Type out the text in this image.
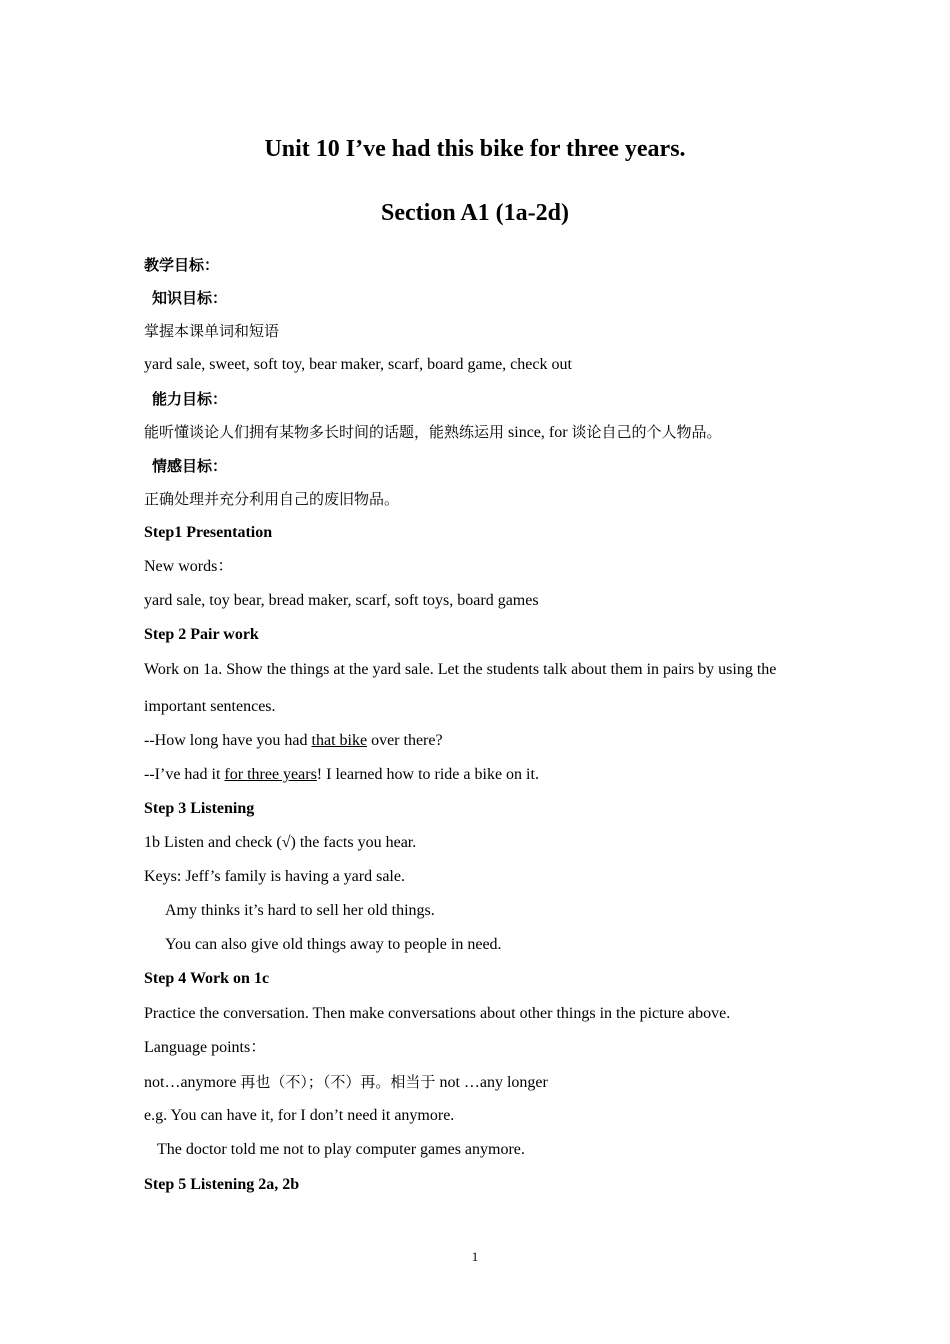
Unit 10 I’ve had this bike for three years.
Section A1 (1a-2d)
教学目标：
知识目标：
掌握本课单词和短语
yard sale, sweet, soft toy, bear maker, scarf, board game, check out
能力目标：
能听懂谈论人们拥有某物多长时间的话题，能熟练运用 since, for 谈论自己的个人物品。
情感目标：
正确处理并充分利用自己的废旧物品。
Step1 Presentation
New words：
yard sale, toy bear, bread maker, scarf, soft toys, board games
Step 2 Pair work
Work on 1a. Show the things at the yard sale. Let the students talk about them in pairs by using the
important sentences.
--How long have you had that bike over there?
--I’ve had it for three years! I learned how to ride a bike on it.
Step 3 Listening
1b Listen and check (√) the facts you hear.
Keys: Jeff’s family is having a yard sale.
Amy thinks it’s hard to sell her old things.
You can also give old things away to people in need.
Step 4 Work on 1c
Practice the conversation. Then make conversations about other things in the picture above.
Language points：
not…anymore 再也（不）；（不）再。相当于 not …any longer
e.g. You can have it, for I don’t need it anymore.
The doctor told me not to play computer games anymore.
Step 5 Listening 2a, 2b
1
